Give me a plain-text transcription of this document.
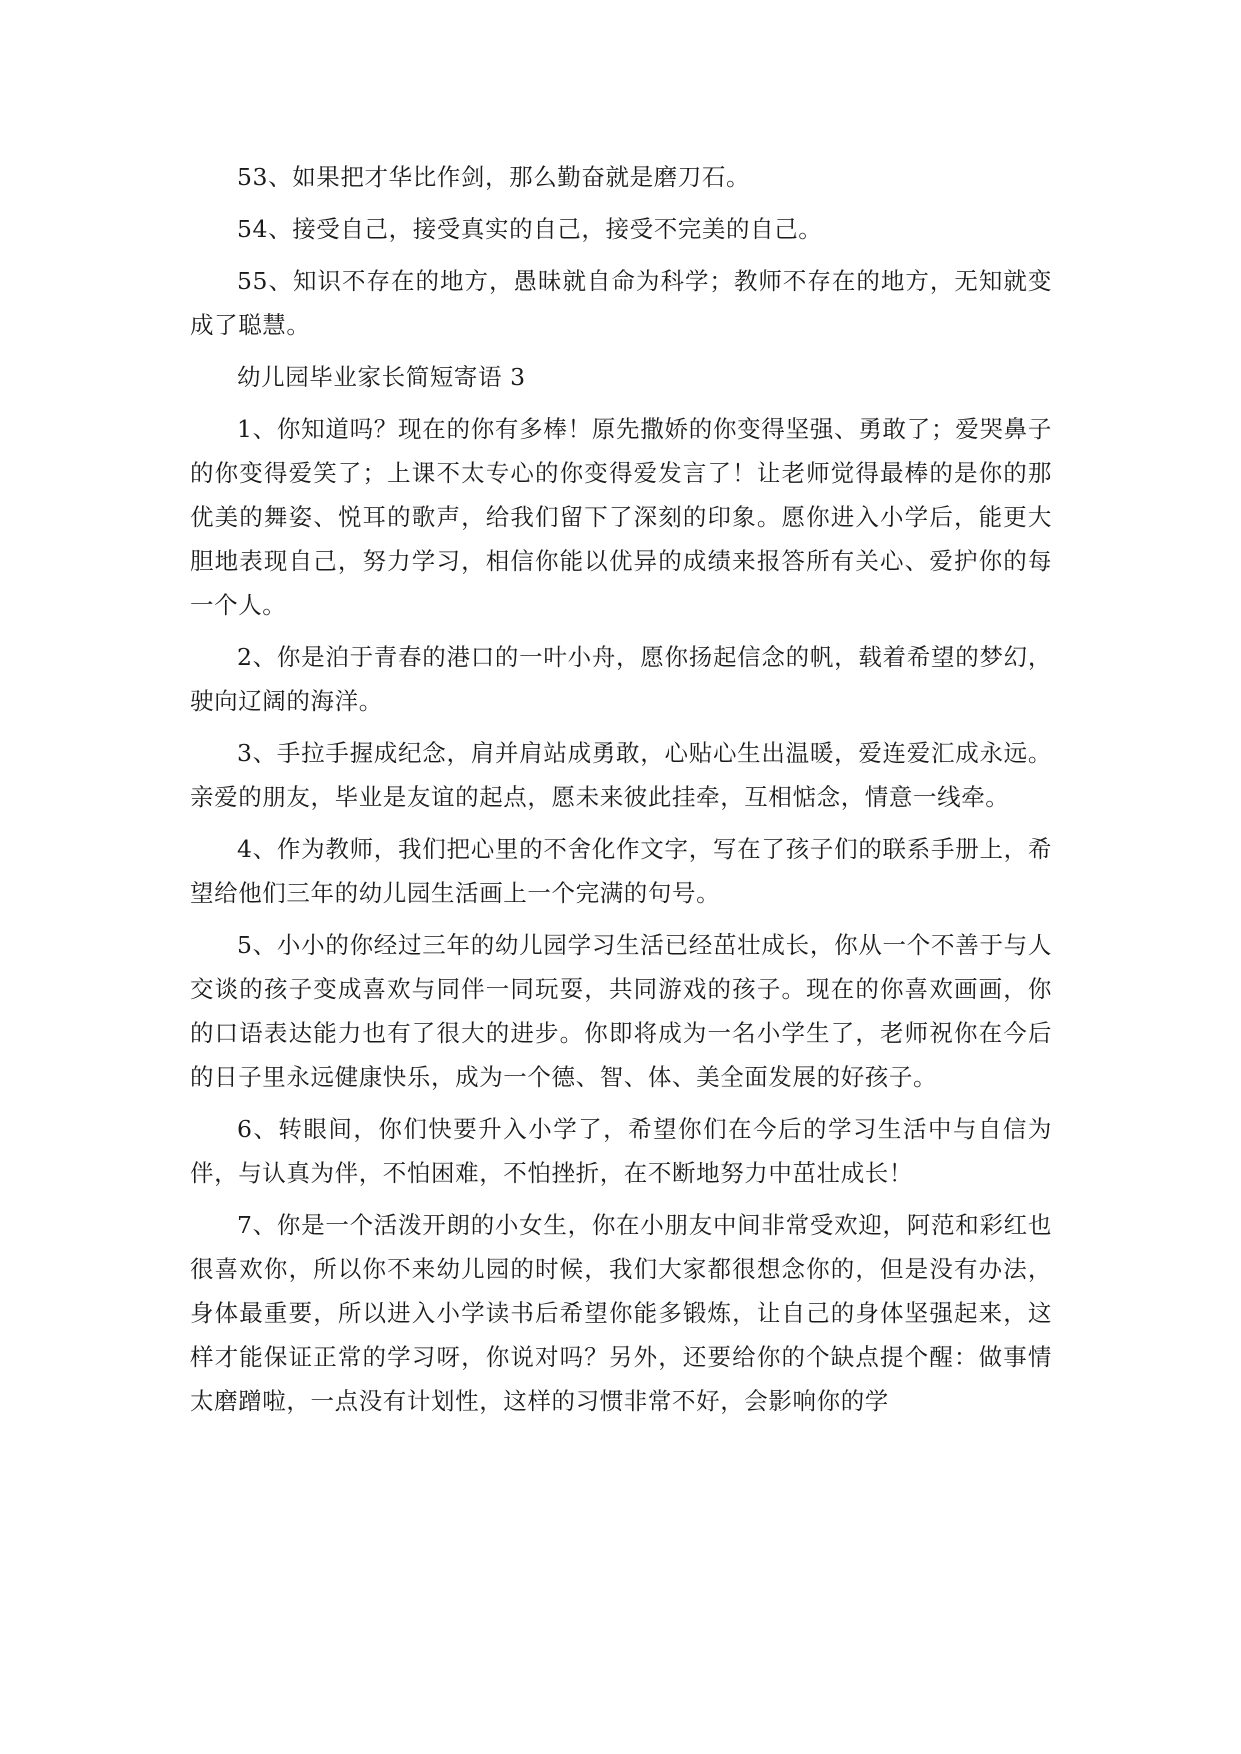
53、如果把才华比作剑，那么勤奋就是磨刀石。

54、接受自己，接受真实的自己，接受不完美的自己。

55、知识不存在的地方，愚昧就自命为科学；教师不存在的地方，无知就变成了聪慧。

幼儿园毕业家长简短寄语 3

1、你知道吗？现在的你有多棒！原先撒娇的你变得坚强、勇敢了；爱哭鼻子的你变得爱笑了；上课不太专心的你变得爱发言了！让老师觉得最棒的是你的那优美的舞姿、悦耳的歌声，给我们留下了深刻的印象。愿你进入小学后，能更大胆地表现自己，努力学习，相信你能以优异的成绩来报答所有关心、爱护你的每一个人。

2、你是泊于青春的港口的一叶小舟，愿你扬起信念的帆，载着希望的梦幻，驶向辽阔的海洋。

3、手拉手握成纪念，肩并肩站成勇敢，心贴心生出温暖，爱连爱汇成永远。亲爱的朋友，毕业是友谊的起点，愿未来彼此挂牵，互相惦念，情意一线牵。

4、作为教师，我们把心里的不舍化作文字，写在了孩子们的联系手册上，希望给他们三年的幼儿园生活画上一个完满的句号。

5、小小的你经过三年的幼儿园学习生活已经茁壮成长，你从一个不善于与人交谈的孩子变成喜欢与同伴一同玩耍，共同游戏的孩子。现在的你喜欢画画，你的口语表达能力也有了很大的进步。你即将成为一名小学生了，老师祝你在今后的日子里永远健康快乐，成为一个德、智、体、美全面发展的好孩子。

6、转眼间，你们快要升入小学了，希望你们在今后的学习生活中与自信为伴，与认真为伴，不怕困难，不怕挫折，在不断地努力中茁壮成长！

7、你是一个活泼开朗的小女生，你在小朋友中间非常受欢迎，阿范和彩红也很喜欢你，所以你不来幼儿园的时候，我们大家都很想念你的，但是没有办法，身体最重要，所以进入小学读书后希望你能多锻炼，让自己的身体坚强起来，这样才能保证正常的学习呀，你说对吗？另外，还要给你的个缺点提个醒：做事情太磨蹭啦，一点没有计划性，这样的习惯非常不好，会影响你的学
